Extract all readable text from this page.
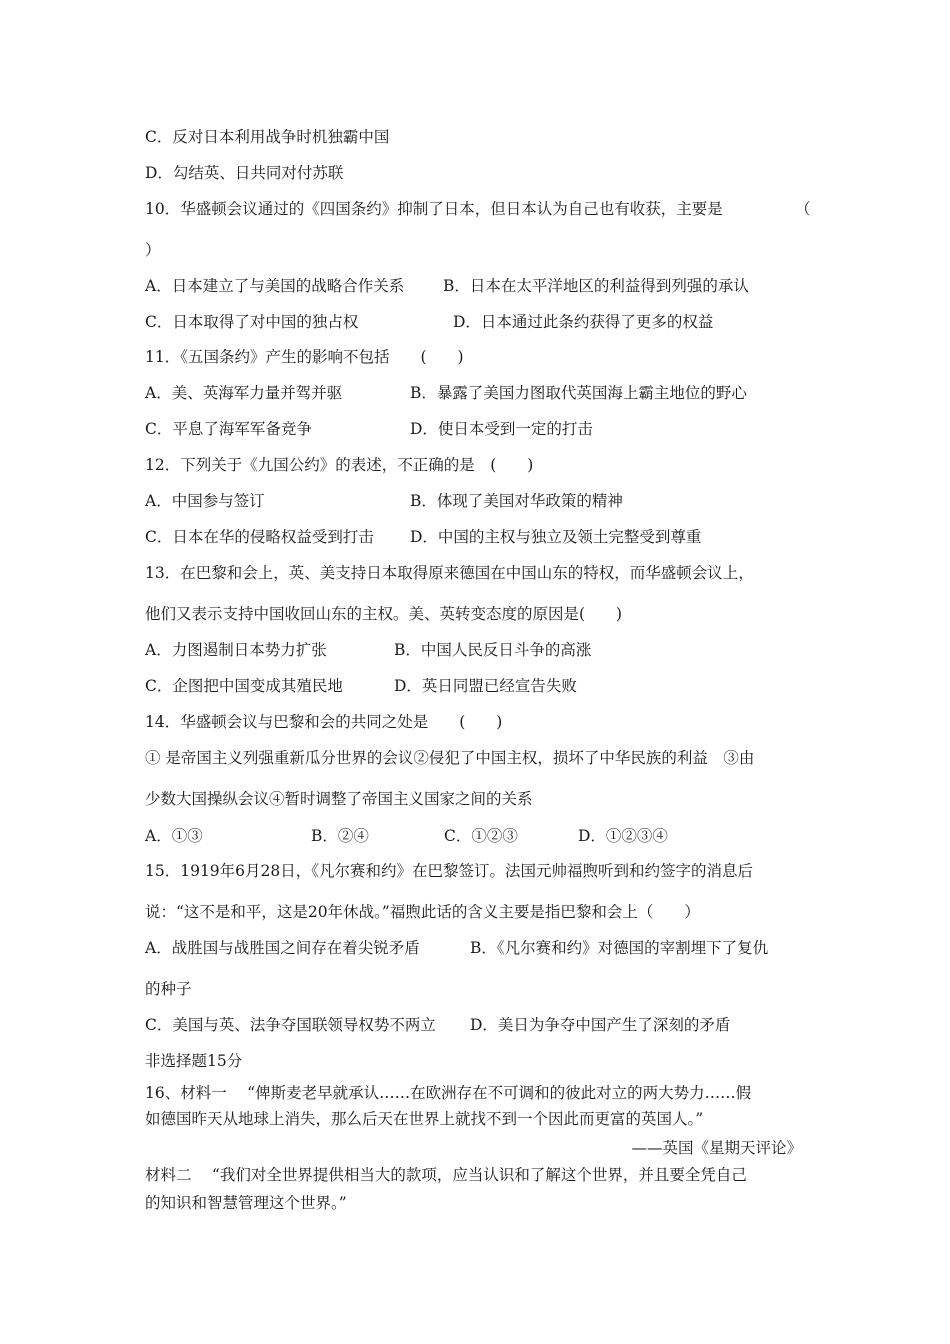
C．反对日本利用战争时机独霸中国
D．勾结英、日共同对付苏联
10．华盛顿会议通过的《四国条约》抑制了日本，但日本认为自己也有收获，主要是	（
）
A．日本建立了与美国的战略合作关系	B．日本在太平洋地区的利益得到列强的承认
C．日本取得了对中国的独占权	D．日本通过此条约获得了更多的权益
11．《五国条约》产生的影响不包括　　(　　)
A．美、英海军力量并驾并驱	B．暴露了美国力图取代英国海上霸主地位的野心
C．平息了海军军备竞争	D．使日本受到一定的打击
12．下列关于《九国公约》的表述，不正确的是　(　　)
A．中国参与签订	B．体现了美国对华政策的精神
C．日本在华的侵略权益受到打击 D．中国的主权与独立及领土完整受到尊重
13．在巴黎和会上，英、美支持日本取得原来德国在中国山东的特权，而华盛顿会议上，
他们又表示支持中国收回山东的主权。美、英转变态度的原因是(　　)
A．力图遏制日本势力扩张	B．中国人民反日斗争的高涨
C．企图把中国变成其殖民地	D．英日同盟已经宣告失败
14．华盛顿会议与巴黎和会的共同之处是　　(　　)
① 是帝国主义列强重新瓜分世界的会议②侵犯了中国主权，损坏了中华民族的利益　③由
少数大国操纵会议④暂时调整了帝国主义国家之间的关系
A．①③	B．②④	C．①②③	D．①②③④
15．1919年6月28日，《凡尔赛和约》在巴黎签订。法国元帅福煦听到和约签字的消息后
说：“这不是和平，这是20年休战。”福煦此话的含义主要是指巴黎和会上（　　）
A．战胜国与战胜国之间存在着尖锐矛盾	B．《凡尔赛和约》对德国的宰割埋下了复仇
的种子
C．美国与英、法争夺国联领导权势不两立 D．美日为争夺中国产生了深刻的矛盾
非选择题15分
16、材料一　 “俾斯麦老早就承认……在欧洲存在不可调和的彼此对立的两大势力……假
如德国昨天从地球上消失，那么后天在世界上就找不到一个因此而更富的英国人。”
——英国《星期天评论》
材料二　 “我们对全世界提供相当大的款项，应当认识和了解这个世界，并且要全凭自己
的知识和智慧管理这个世界。”
